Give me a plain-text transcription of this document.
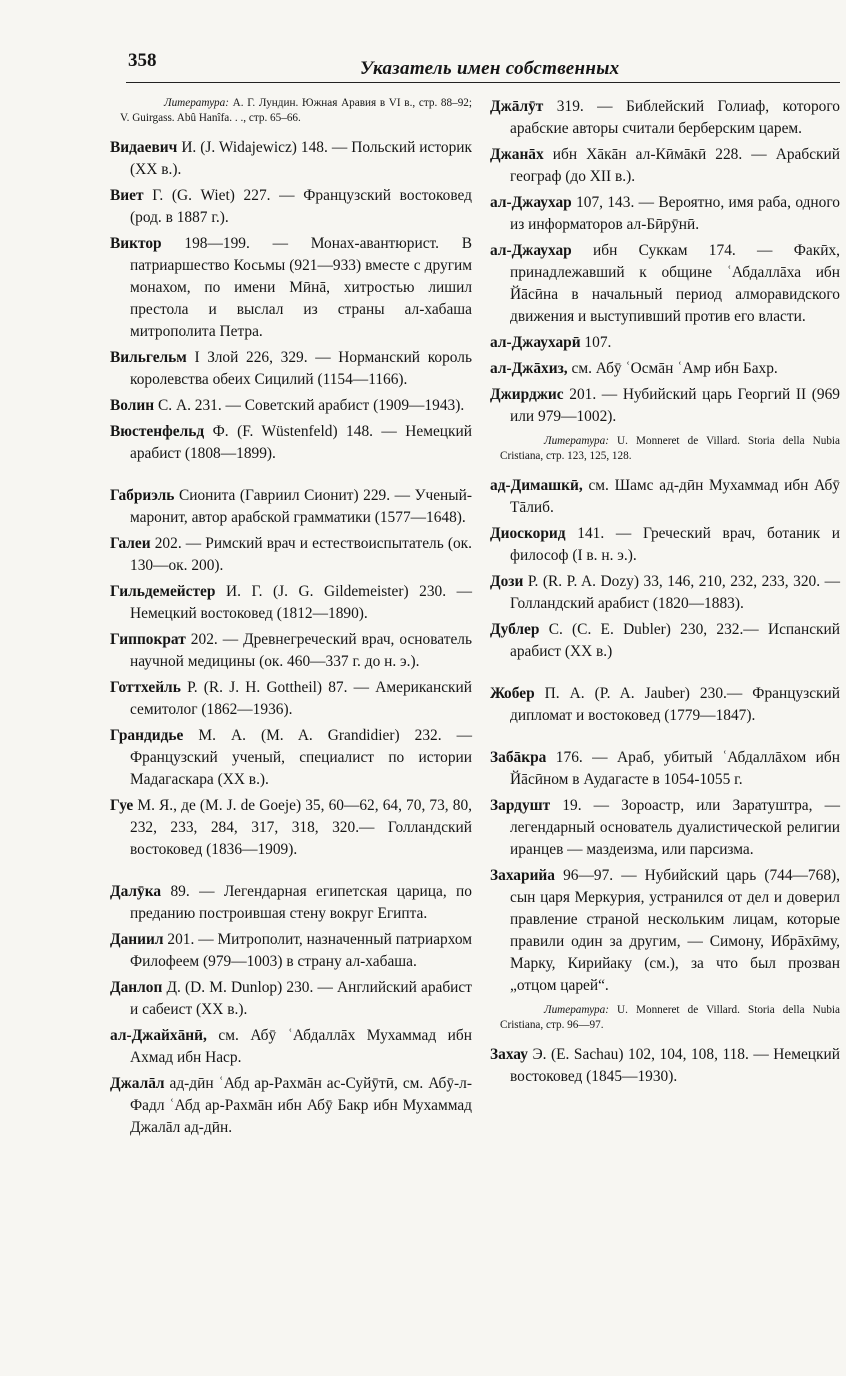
358	Указатель имен собственных
Литература: А. Г. Лундин. Южная Аравия в VI в., стр. 88–92; V. Guirgass. Abû Hanîfa. . ., стр. 65–66.

Видаевич И. (J. Widajewicz) 148. — Польский историк (XX в.).

Виет Г. (G. Wiet) 227. — Французский востоковед (род. в 1887 г.).

Виктор 198—199. — Монах-авантюрист. В патриаршество Косьмы (921—933) вместе с другим монахом, по имени Мӣнā, хитростью лишил престола и выслал из страны ал-хабаша митрополита Петра.

Вильгельм I Злой 226, 329. — Норманский король королевства обеих Сицилий (1154—1166).

Волин С. А. 231. — Советский арабист (1909—1943).

Вюстенфельд Ф. (F. Wüstenfeld) 148. — Немецкий арабист (1808—1899).

Габриэль Сионита (Гавриил Сионит) 229. — Ученый-маронит, автор арабской грамматики (1577—1648).

Галеи 202. — Римский врач и естествоиспытатель (ок. 130—ок. 200).

Гильдемейстер И. Г. (J. G. Gildemeister) 230. — Немецкий востоковед (1812—1890).

Гиппократ 202. — Древнегреческий врач, основатель научной медицины (ок. 460—337 г. до н. э.).

Готтхейль Р. (R. J. H. Gottheil) 87. — Американский семитолог (1862—1936).

Грандидье М. А. (M. A. Grandidier) 232. — Французский ученый, специалист по истории Мадагаскара (XX в.).

Гуе М. Я., де (M. J. de Goeje) 35, 60—62, 64, 70, 73, 80, 232, 233, 284, 317, 318, 320.— Голландский востоковед (1836—1909).

Далӯка 89. — Легендарная египетская царица, по преданию построившая стену вокруг Египта.

Даниил 201. — Митрополит, назначенный патриархом Филофеем (979—1003) в страну ал-хабаша.

Данлоп Д. (D. M. Dunlop) 230. — Английский арабист и сабеист (XX в.).

ал-Джайхāнӣ, см. Абӯ ʿАбдаллāх Мухаммад ибн Ахмад ибн Наср.

Джалāл ад-дӣн ʿАбд ар-Рахмāн ас-Суйӯтӣ, см. Абӯ-л-Фадл ʿАбд ар-Рахмāн ибн Абӯ Бакр ибн Мухаммад Джалāл ад-дӣн.

Джāлӯт 319. — Библейский Голиаф, которого арабские авторы считали берберским царем.

Джанāх ибн Хāкāн ал-Кӣмāкӣ 228. — Арабский географ (до XII в.).

ал-Джаухар 107, 143. — Вероятно, имя раба, одного из информаторов ал-Бӣрӯнӣ.

ал-Джаухар ибн Суккам 174. — Факӣх, принадлежавший к общине ʿАбдаллāха ибн Йāсӣна в начальный период алморавидского движения и выступивший против его власти.

ал-Джаухарӣ 107.

ал-Джāхиз, см. Абӯ ʿОсмāн ʿАмр ибн Бахр.

Джирджис 201. — Нубийский царь Георгий II (969 или 979—1002).

Литература: U. Monneret de Villard. Storia della Nubia Cristiana, стр. 123, 125, 128.

ад-Димашкӣ, см. Шамс ад-дӣн Мухаммад ибн Абӯ Тāлиб.

Диоскорид 141. — Греческий врач, ботаник и философ (I в. н. э.).

Дози Р. (R. P. A. Dozy) 33, 146, 210, 232, 233, 320. — Голландский арабист (1820—1883).

Дублер С. (C. E. Dubler) 230, 232.— Испанский арабист (XX в.)

Жобер П. А. (P. A. Jauber) 230.— Французский дипломат и востоковед (1779—1847).

Забāкра 176. — Араб, убитый ʿАбдаллāхом ибн Йāсӣном в Аудагасте в 1054-1055 г.

Зардушт 19. — Зороастр, или Заратуштра, — легендарный основатель дуалистической религии иранцев — маздеизма, или парсизма.

Захарийа 96—97. — Нубийский царь (744—768), сын царя Меркурия, устранился от дел и доверил правление страной нескольким лицам, которые правили один за другим, — Симону, Ибрāхӣму, Марку, Кирийаку (см.), за что был прозван „отцом царей“.

Литература: U. Monneret de Villard. Storia della Nubia Cristiana, стр. 96—97.

Захау Э. (E. Sachau) 102, 104, 108, 118. — Немецкий востоковед (1845—1930).
